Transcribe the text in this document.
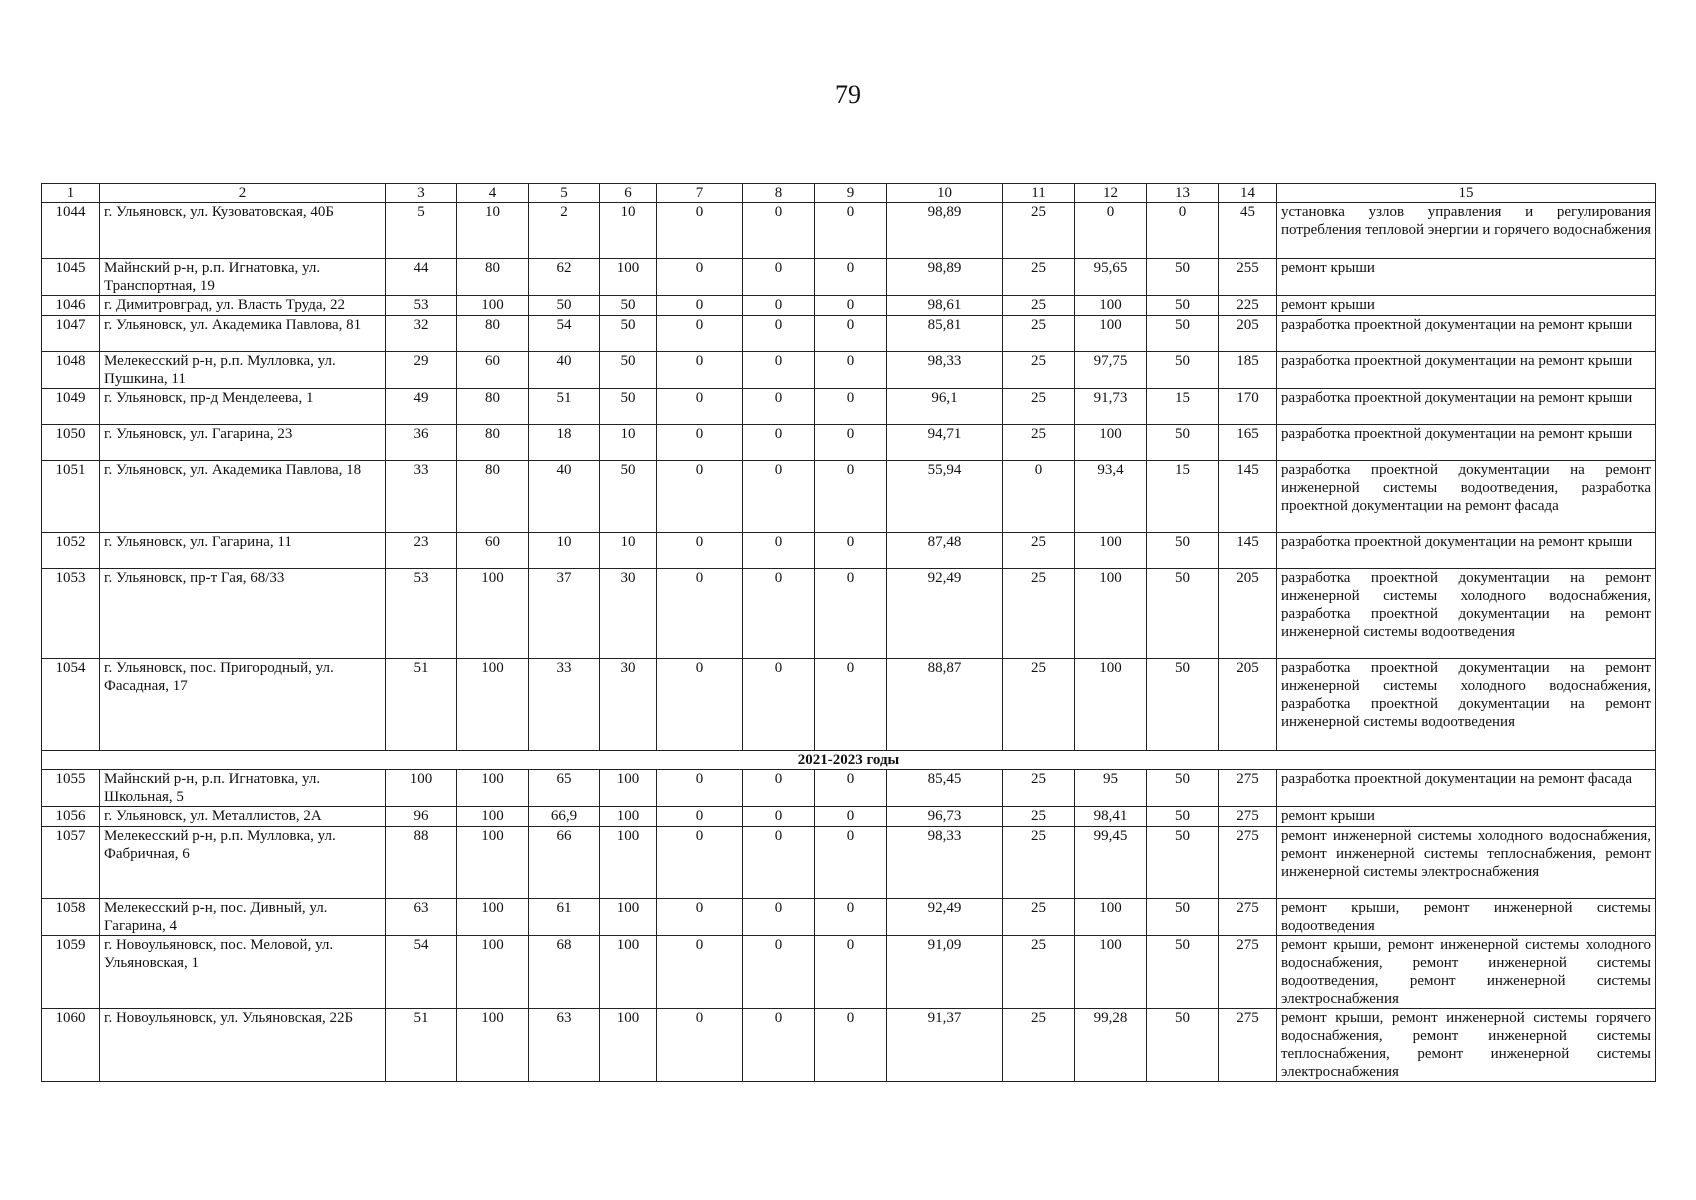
79
1	2	3	4	5	6	7	8	9	10	11	12	13	14	15
1044	г. Ульяновск, ул. Кузоватовская, 40Б	5	10	2	10	0	0	0	98,89	25	0	0	45	установка узлов управления и регулирования потребления тепловой энергии и горячего водоснабжения
1045	Майнский р-н, р.п. Игнатовка, ул. Транспортная, 19	44	80	62	100	0	0	0	98,89	25	95,65	50	255	ремонт крыши
1046	г. Димитровград, ул. Власть Труда, 22	53	100	50	50	0	0	0	98,61	25	100	50	225	ремонт крыши
1047	г. Ульяновск, ул. Академика Павлова, 81	32	80	54	50	0	0	0	85,81	25	100	50	205	разработка проектной документации на ремонт крыши
1048	Мелекесский р-н, р.п. Мулловка, ул. Пушкина, 11	29	60	40	50	0	0	0	98,33	25	97,75	50	185	разработка проектной документации на ремонт крыши
1049	г. Ульяновск, пр-д Менделеева, 1	49	80	51	50	0	0	0	96,1	25	91,73	15	170	разработка проектной документации на ремонт крыши
1050	г. Ульяновск, ул. Гагарина, 23	36	80	18	10	0	0	0	94,71	25	100	50	165	разработка проектной документации на ремонт крыши
1051	г. Ульяновск, ул. Академика Павлова, 18	33	80	40	50	0	0	0	55,94	0	93,4	15	145	разработка проектной документации на ремонт инженерной системы водоотведения, разработка проектной документации на ремонт фасада
1052	г. Ульяновск, ул. Гагарина, 11	23	60	10	10	0	0	0	87,48	25	100	50	145	разработка проектной документации на ремонт крыши
1053	г. Ульяновск, пр-т Гая, 68/33	53	100	37	30	0	0	0	92,49	25	100	50	205	разработка проектной документации на ремонт инженерной системы холодного водоснабжения, разработка проектной документации на ремонт инженерной системы водоотведения
1054	г. Ульяновск, пос. Пригородный, ул. Фасадная, 17	51	100	33	30	0	0	0	88,87	25	100	50	205	разработка проектной документации на ремонт инженерной системы холодного водоснабжения, разработка проектной документации на ремонт инженерной системы водоотведения
2021-2023 годы														
1055	Майнский р-н, р.п. Игнатовка, ул. Школьная, 5	100	100	65	100	0	0	0	85,45	25	95	50	275	разработка проектной документации на ремонт фасада
1056	г. Ульяновск, ул. Металлистов, 2А	96	100	66,9	100	0	0	0	96,73	25	98,41	50	275	ремонт крыши
1057	Мелекесский р-н, р.п. Мулловка, ул. Фабричная, 6	88	100	66	100	0	0	0	98,33	25	99,45	50	275	ремонт инженерной системы холодного водоснабжения, ремонт инженерной системы теплоснабжения, ремонт инженерной системы электроснабжения
1058	Мелекесский р-н, пос. Дивный, ул. Гагарина, 4	63	100	61	100	0	0	0	92,49	25	100	50	275	ремонт крыши, ремонт инженерной системы водоотведения
1059	г. Новоульяновск, пос. Меловой, ул. Ульяновская, 1	54	100	68	100	0	0	0	91,09	25	100	50	275	ремонт крыши, ремонт инженерной системы холодного водоснабжения, ремонт инженерной системы водоотведения, ремонт инженерной системы электроснабжения
1060	г. Новоульяновск, ул. Ульяновская, 22Б	51	100	63	100	0	0	0	91,37	25	99,28	50	275	ремонт крыши, ремонт инженерной системы горячего водоснабжения, ремонт инженерной системы теплоснабжения, ремонт инженерной системы электроснабжения
